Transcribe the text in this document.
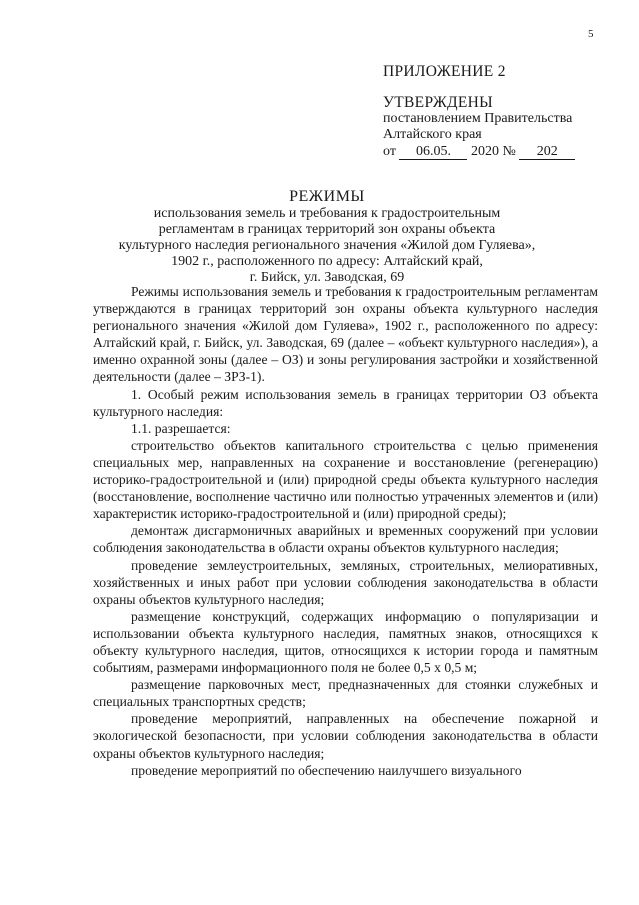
5
ПРИЛОЖЕНИЕ 2
УТВЕРЖДЕНЫ
постановлением Правительства
Алтайского края
от 06.05. 2020 № 202
РЕЖИМЫ
использования земель и требования к градостроительным
регламентам в границах территорий зон охраны объекта
культурного наследия регионального значения «Жилой дом Гуляева»,
1902 г., расположенного по адресу: Алтайский край,
г. Бийск, ул. Заводская, 69

Режимы использования земель и требования к градостроительным регламентам утверждаются в границах территорий зон охраны объекта культурного наследия регионального значения «Жилой дом Гуляева», 1902 г., расположенного по адресу: Алтайский край, г. Бийск, ул. Заводская, 69 (далее – «объект культурного наследия»), а именно охранной зоны (далее – ОЗ) и зоны регулирования застройки и хозяйственной деятельности (далее – ЗРЗ-1).

1. Особый режим использования земель в границах территории ОЗ объекта культурного наследия:

1.1. разрешается:

строительство объектов капитального строительства с целью применения специальных мер, направленных на сохранение и восстановление (регенерацию) историко-градостроительной и (или) природной среды объекта культурного наследия (восстановление, восполнение частично или полностью утраченных элементов и (или) характеристик историко-градостроительной и (или) природной среды);

демонтаж дисгармоничных аварийных и временных сооружений при условии соблюдения законодательства в области охраны объектов культурного наследия;

проведение землеустроительных, земляных, строительных, мелиоративных, хозяйственных и иных работ при условии соблюдения законодательства в области охраны объектов культурного наследия;

размещение конструкций, содержащих информацию о популяризации и использовании объекта культурного наследия, памятных знаков, относящихся к объекту культурного наследия, щитов, относящихся к истории города и памятным событиям, размерами информационного поля не более 0,5 х 0,5 м;

размещение парковочных мест, предназначенных для стоянки служебных и специальных транспортных средств;

проведение мероприятий, направленных на обеспечение пожарной и экологической безопасности, при условии соблюдения законодательства в области охраны объектов культурного наследия;

проведение мероприятий по обеспечению наилучшего визуального
